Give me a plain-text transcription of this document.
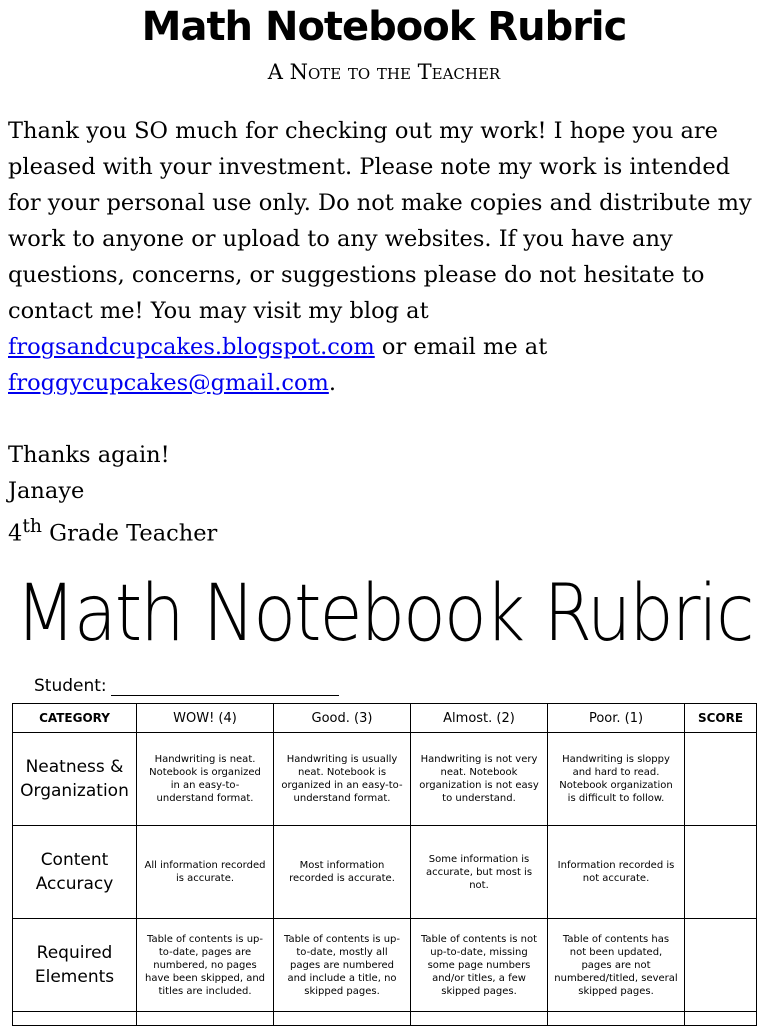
Math Notebook Rubric
A Note to the Teacher

Thank you SO much for checking out my work! I hope you are pleased with your investment. Please note my work is intended for your personal use only. Do not make copies and distribute my work to anyone or upload to any websites. If you have any questions, concerns, or suggestions please do not hesitate to contact me! You may visit my blog at frogsandcupcakes.blogspot.com or email me at froggycupcakes@gmail.com.

Thanks again!

Janaye

4th Grade Teacher

Math Notebook Rubric
Student:
CATEGORY	WOW! (4)	Good. (3)	Almost. (2)	Poor. (1)	SCORE
Neatness & Organization	Handwriting is neat. Notebook is organized in an easy-to-understand format.	Handwriting is usually neat. Notebook is organized in an easy-to-understand format.	Handwriting is not very neat. Notebook organization is not easy to understand.	Handwriting is sloppy and hard to read. Notebook organization is difficult to follow.	
Content Accuracy	All information recorded is accurate.	Most information recorded is accurate.	Some information is accurate, but most is not.	Information recorded is not accurate.	
Required Elements	Table of contents is up-to-date, pages are numbered, no pages have been skipped, and titles are included.	Table of contents is up-to-date, mostly all pages are numbered and include a title, no skipped pages.	Table of contents is not up-to-date, missing some page numbers and/or titles, a few skipped pages.	Table of contents has not been updated, pages are not numbered/titled, several skipped pages.	
